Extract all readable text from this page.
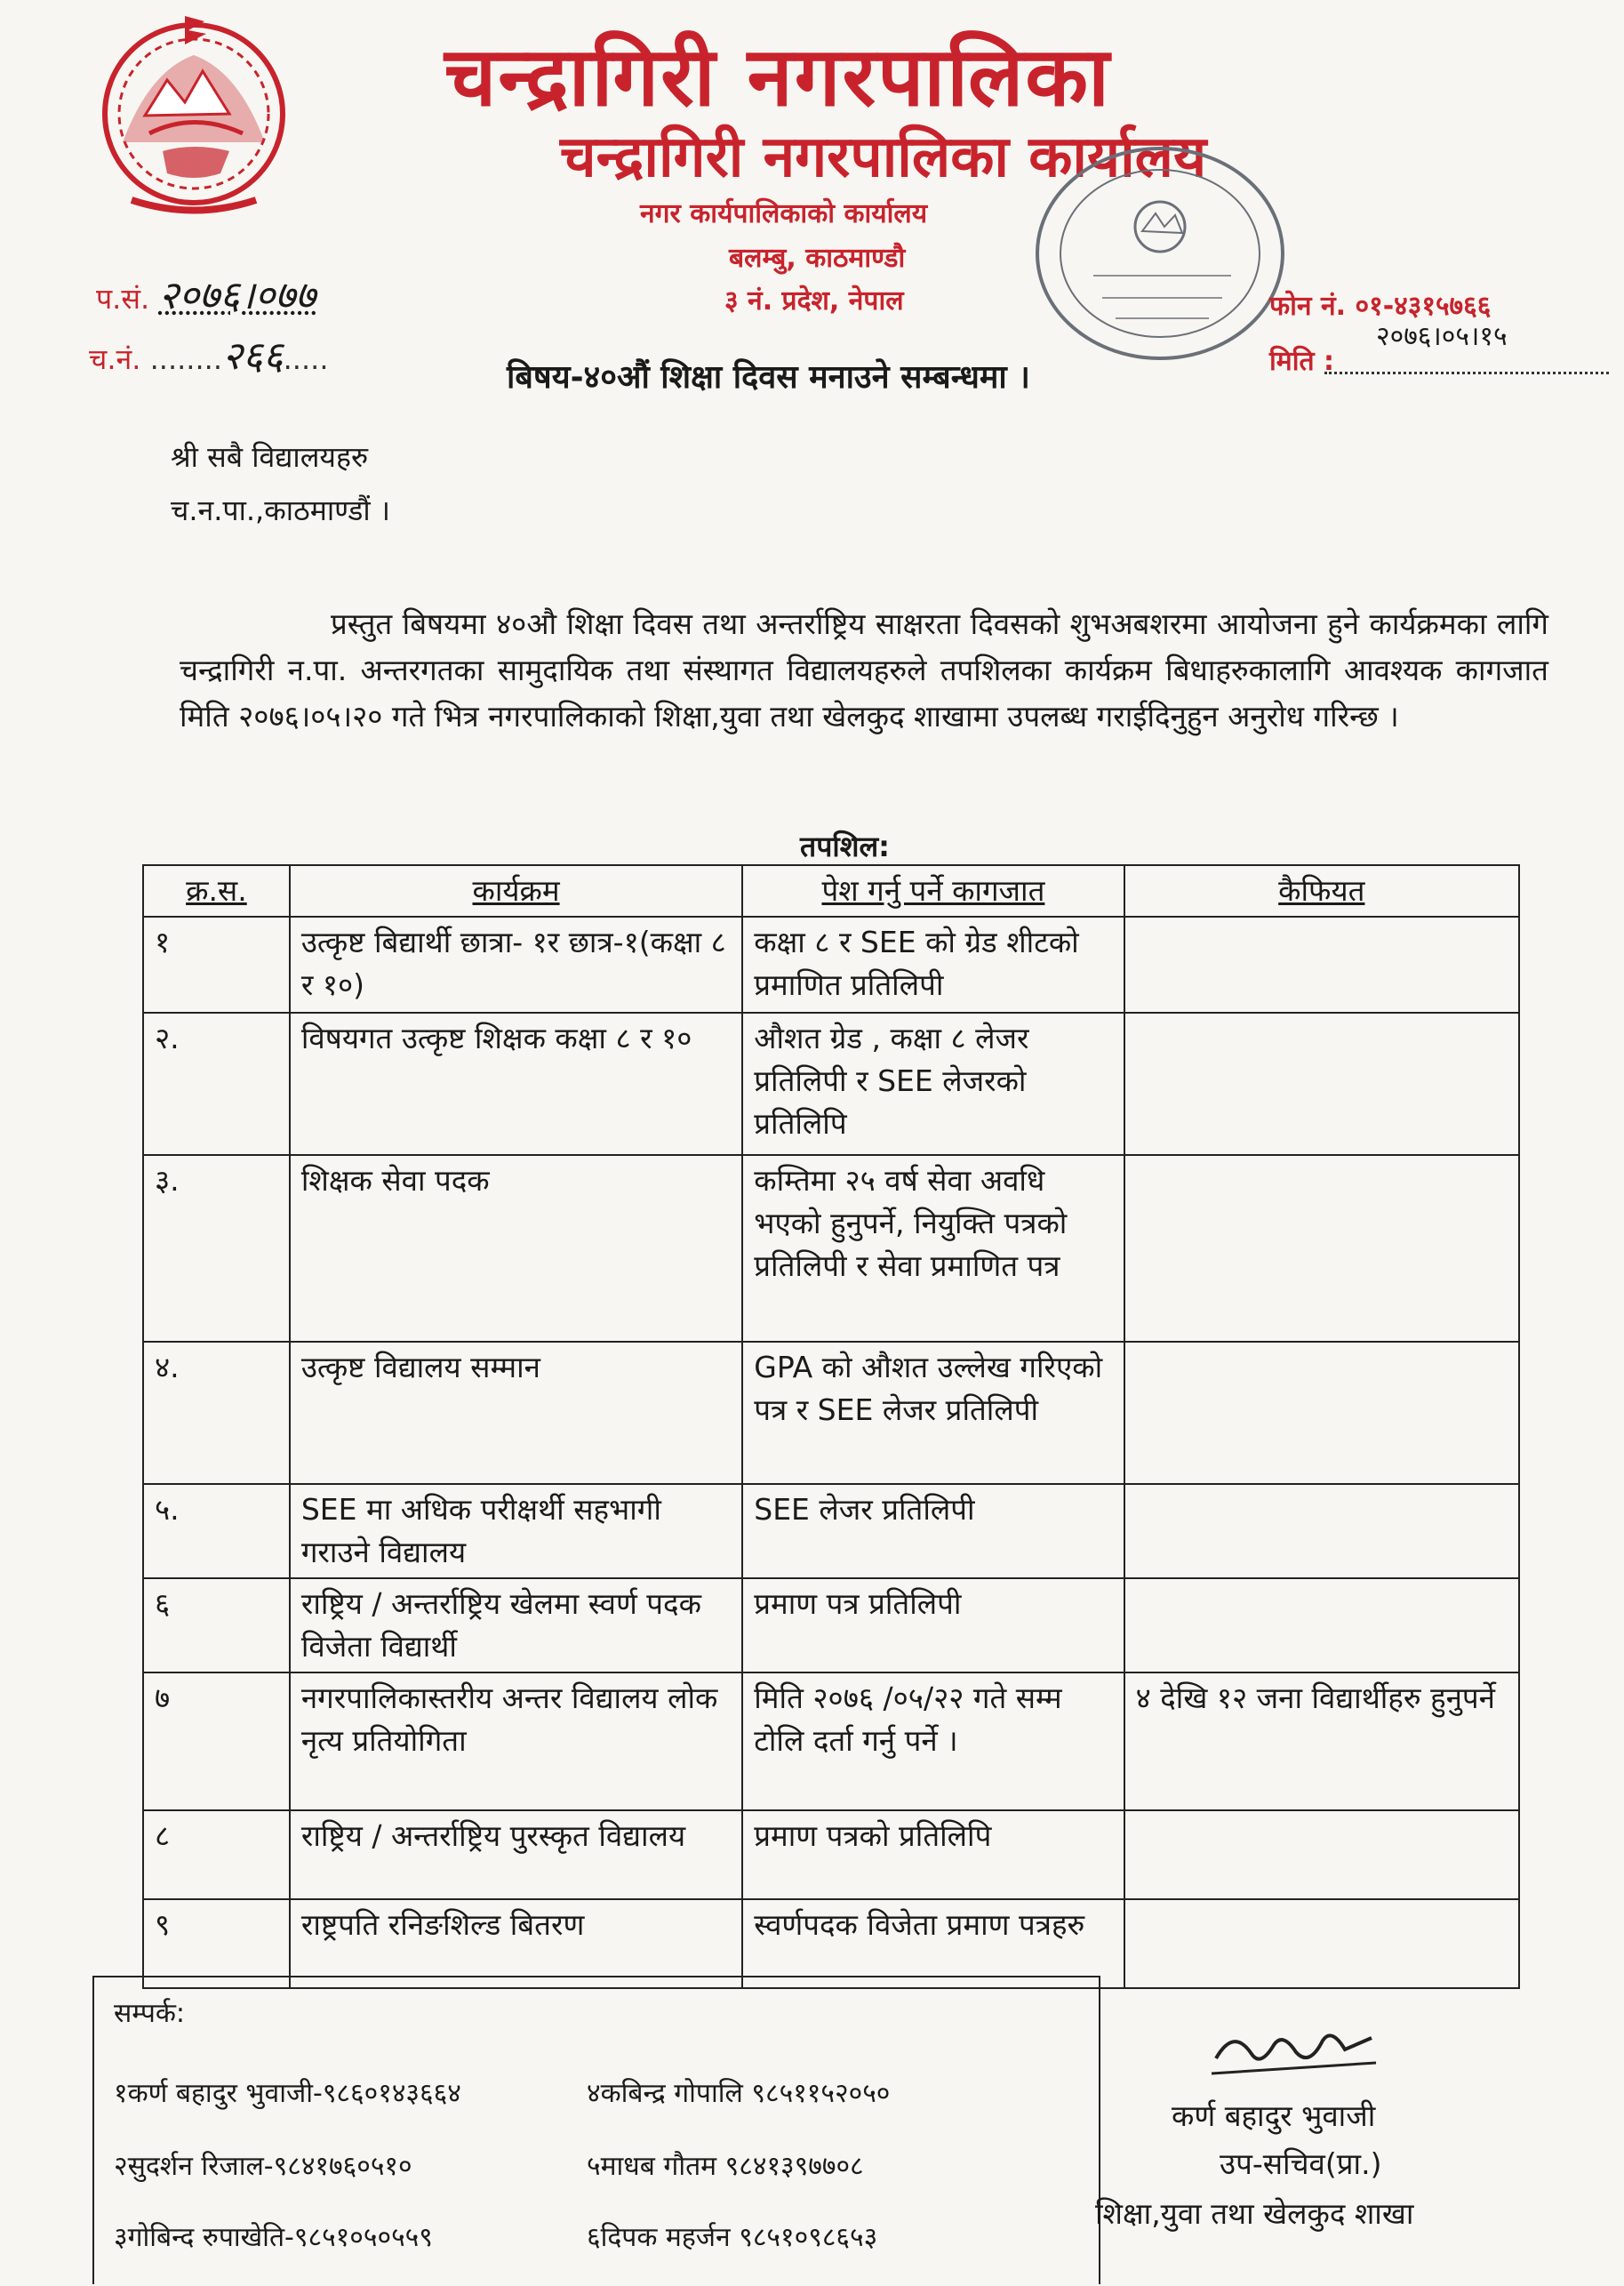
चन्द्रागिरी नगरपालिका
चन्द्रागिरी नगरपालिका कार्यालय
नगर कार्यपालिकाको कार्यालय
बलम्बु, काठमाण्डौ
३ नं. प्रदेश, नेपाल
प.सं. २०७६।०७७
च.नं. ........२६६.....
फोन नं. ०१-४३१५७६६
२०७६।०५।१५
मिति :
बिषय-४०औं शिक्षा दिवस मनाउने सम्बन्धमा ।
श्री सबै विद्यालयहरु
च.न.पा.,काठमाण्डौं ।
प्रस्तुत बिषयमा ४०औ शिक्षा दिवस तथा अन्तर्राष्ट्रिय साक्षरता दिवसको शुभअबशरमा आयोजना हुने कार्यक्रमका लागि चन्द्रागिरी न.पा. अन्तरगतका सामुदायिक तथा संस्थागत विद्यालयहरुले तपशिलका कार्यक्रम बिधाहरुकालागि आवश्यक कागजात मिति २०७६।०५।२० गते भित्र नगरपालिकाको शिक्षा,युवा तथा खेलकुद शाखामा उपलब्ध गराईदिनुहुन अनुरोध गरिन्छ ।
तपशिल:
क्र.स.	कार्यक्रम	पेश गर्नु पर्ने कागजात	कैफियत
१	उत्कृष्ट बिद्यार्थी छात्रा- १र छात्र-१(कक्षा ८ र १०)	कक्षा ८ र SEE को ग्रेड शीटको प्रमाणित प्रतिलिपी	
२.	विषयगत उत्कृष्ट शिक्षक कक्षा ८ र १०	औशत ग्रेड , कक्षा ८ लेजर प्रतिलिपी र SEE लेजरको प्रतिलिपि	
३.	शिक्षक सेवा पदक	कम्तिमा २५ वर्ष सेवा अवधि भएको हुनुपर्ने, नियुक्ति पत्रको प्रतिलिपी र सेवा प्रमाणित पत्र	
४.	उत्कृष्ट विद्यालय सम्मान	GPA को औशत उल्लेख गरिएको पत्र र SEE लेजर प्रतिलिपी	
५.	SEE मा अधिक परीक्षर्थी सहभागी गराउने विद्यालय	SEE लेजर प्रतिलिपी	
६	राष्ट्रिय / अन्तर्राष्ट्रिय खेलमा स्वर्ण पदक विजेता विद्यार्थी	प्रमाण पत्र प्रतिलिपी	
७	नगरपालिकास्तरीय अन्तर विद्यालय लोक नृत्य प्रतियोगिता	मिति २०७६ /०५/२२ गते सम्म टोलि दर्ता गर्नु पर्ने ।	४ देखि १२ जना विद्यार्थीहरु हुनुपर्ने
८	राष्ट्रिय / अन्तर्राष्ट्रिय पुरस्कृत विद्यालय	प्रमाण पत्रको प्रतिलिपि	
९	राष्ट्रपति रनिङशिल्ड बितरण	स्वर्णपदक विजेता प्रमाण पत्रहरु	
सम्पर्क:
१कर्ण बहादुर भुवाजी-९८६०१४३६६४	४कबिन्द्र गोपालि ९८५११५२०५०
२सुदर्शन रिजाल-९८४१७६०५१०	५माधब गौतम ९८४१३९७७०८
३गोबिन्द रुपाखेति-९८५१०५०५५९	६दिपक महर्जन ९८५१०९८६५३
कर्ण बहादुर भुवाजी
उप-सचिव(प्रा.)
शिक्षा,युवा तथा खेलकुद शाखा
